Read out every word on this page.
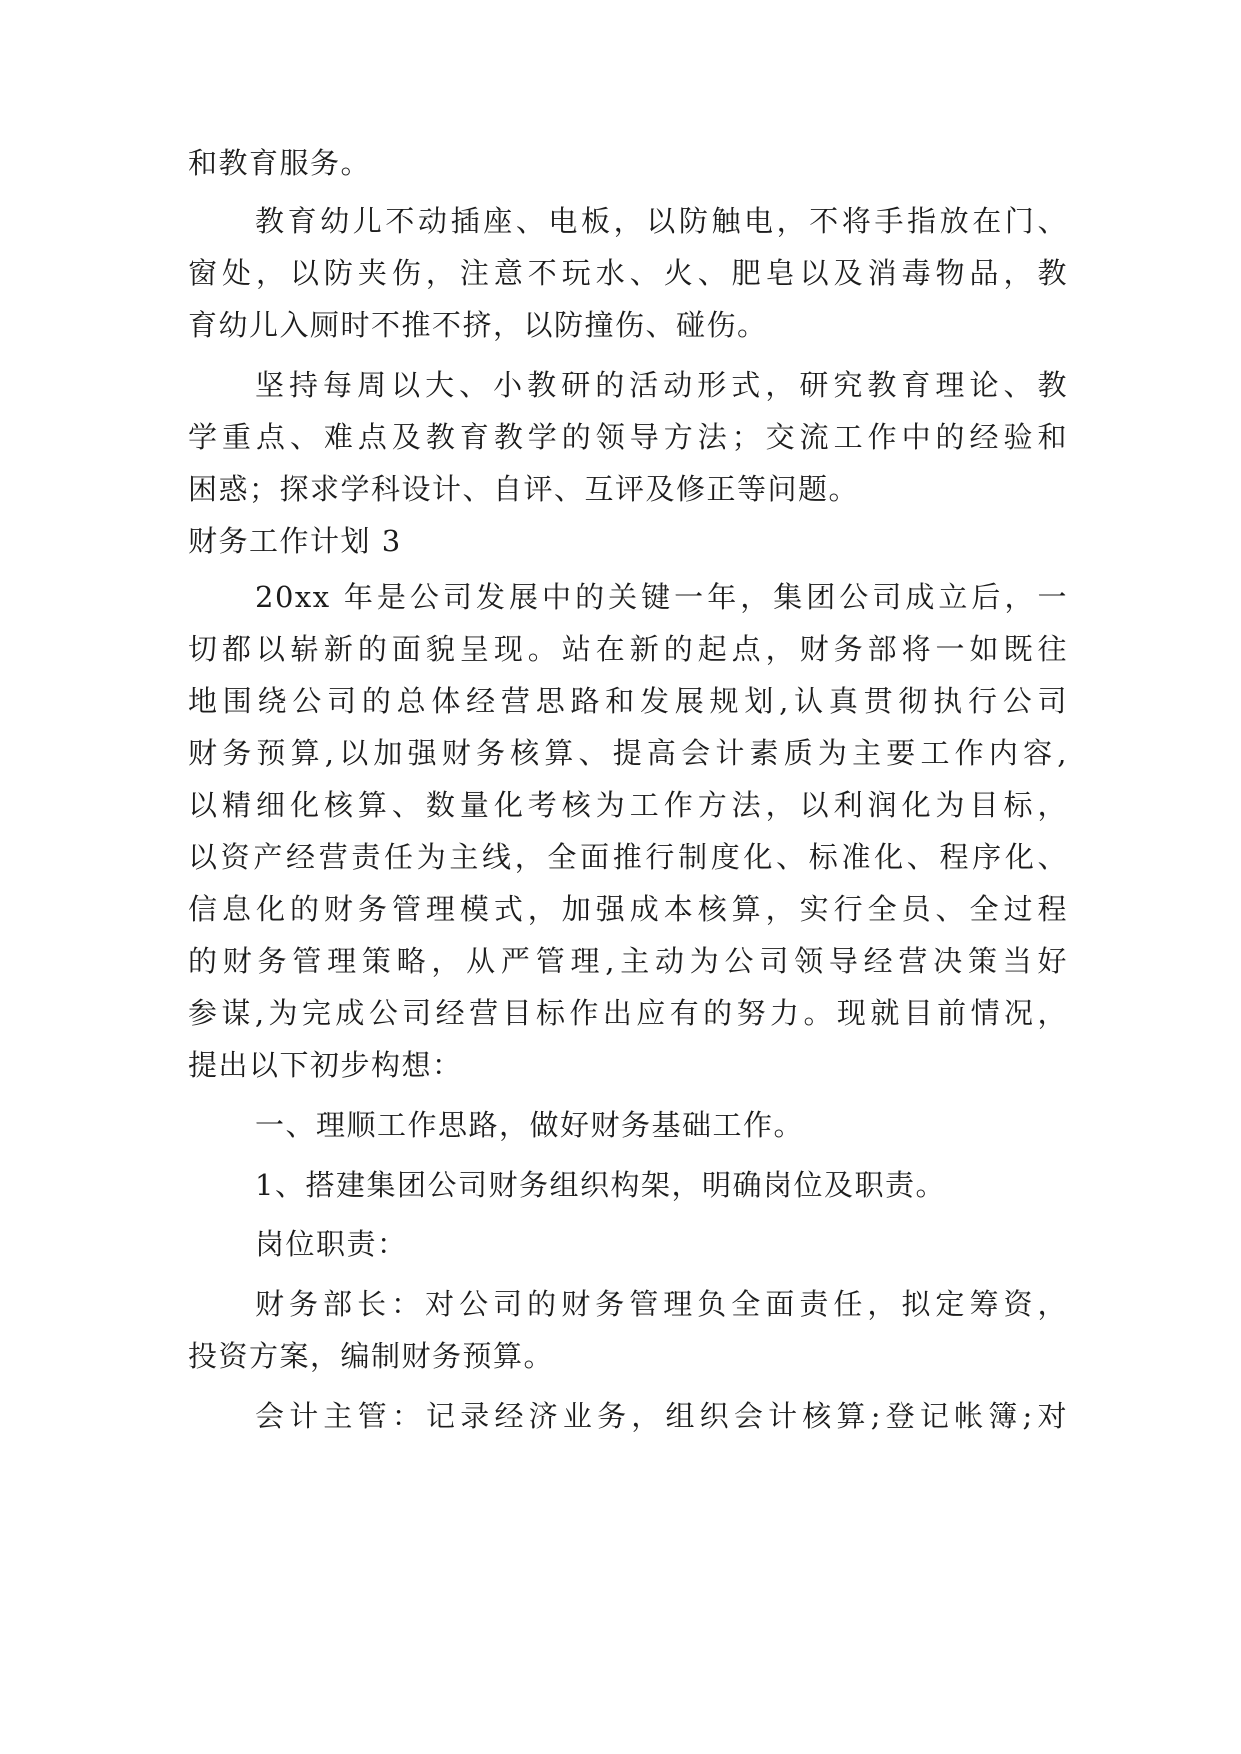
和教育服务。
教育幼儿不动插座、电板，以防触电，不将手指放在门、
窗处，以防夹伤，注意不玩水、火、肥皂以及消毒物品，教
育幼儿入厕时不推不挤，以防撞伤、碰伤。
坚持每周以大、小教研的活动形式，研究教育理论、教
学重点、难点及教育教学的领导方法；交流工作中的经验和
困惑；探求学科设计、自评、互评及修正等问题。
财务工作计划 3
20xx 年是公司发展中的关键一年，集团公司成立后，一
切都以崭新的面貌呈现。站在新的起点，财务部将一如既往
地围绕公司的总体经营思路和发展规划,认真贯彻执行公司
财务预算,以加强财务核算、提高会计素质为主要工作内容,
以精细化核算、数量化考核为工作方法，以利润化为目标，
以资产经营责任为主线，全面推行制度化、标准化、程序化、
信息化的财务管理模式，加强成本核算，实行全员、全过程
的财务管理策略，从严管理,主动为公司领导经营决策当好
参谋,为完成公司经营目标作出应有的努力。现就目前情况，
提出以下初步构想：
一、理顺工作思路，做好财务基础工作。
1、搭建集团公司财务组织构架，明确岗位及职责。
岗位职责：
财务部长：对公司的财务管理负全面责任，拟定筹资，
投资方案，编制财务预算。
会计主管：记录经济业务，组织会计核算;登记帐簿;对
